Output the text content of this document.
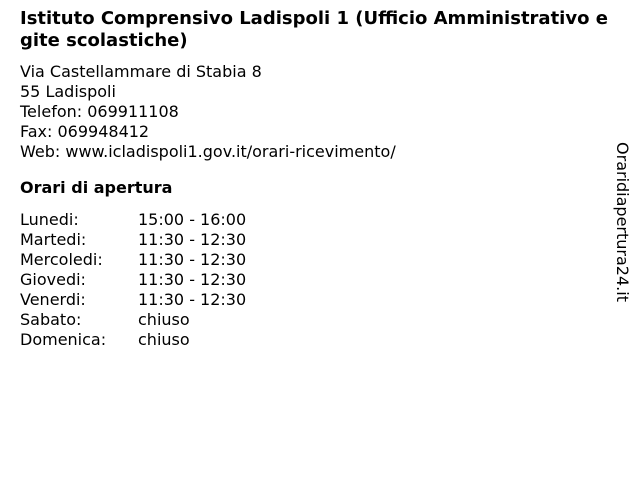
Istituto Comprensivo Ladispoli 1 (Ufficio Amministrativo e gite scolastiche)
Via Castellammare di Stabia 8
55 Ladispoli
Telefon: 069911108
Fax: 069948412
Web: www.icladispoli1.gov.it/orari-ricevimento/
Orari di apertura
Lunedi:	15:00 - 16:00
Martedi:	11:30 - 12:30
Mercoledi:	11:30 - 12:30
Giovedi:	11:30 - 12:30
Venerdi:	11:30 - 12:30
Sabato:	chiuso
Domenica:	chiuso
Oraridiapertura24.it
